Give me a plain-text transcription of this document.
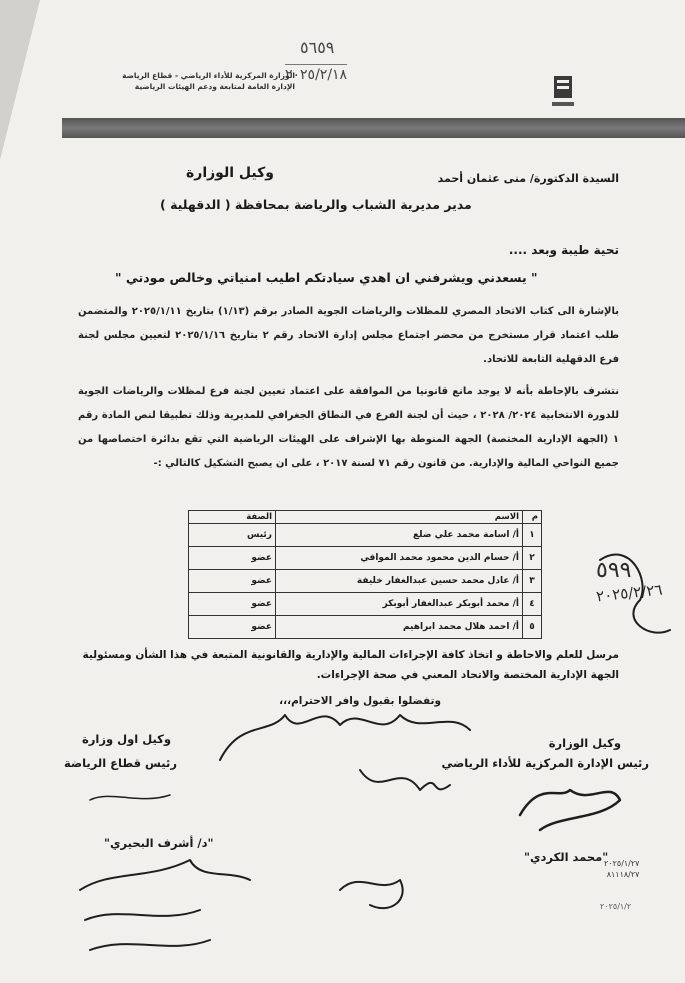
٥٦٥٩
٢٠٢٥/٢/١٨
الوزارة المركزية للأداء الرياضي - قطاع الرياضة
الإدارة العامة لمتابعة ودعم الهيئات الرياضية
السيدة الدكتورة/ منى عثمان أحمد
وكيل الوزارة
مدير مديرية الشباب والرياضة بمحافظة ( الدقهلية )
تحية طيبة وبعد ....
" يسعدني ويشرفني ان اهدي سيادتكم اطيب امنياتي وخالص مودتي "
بالإشارة الى كتاب الاتحاد المصري للمظلات والرياضات الجوية الصادر برقم (١/١٣) بتاريخ ٢٠٢٥/١/١١ والمتضمن طلب اعتماد قرار مستخرج من محضر اجتماع مجلس إدارة الاتحاد رقم ٢ بتاريخ ٢٠٢٥/١/١٦ لتعيين مجلس لجنة فرع الدقهلية التابعة للاتحاد.
نتشرف بالإحاطة بأنه لا يوجد مانع قانونيا من الموافقة على اعتماد تعيين لجنة فرع لمظلات والرياضات الجوية للدورة الانتخابية ٢٠٢٤/ ٢٠٢٨ ، حيث أن لجنة الفرع في النطاق الجغرافي للمديرية وذلك تطبيقا لنص المادة رقم ١ (الجهة الإدارية المختصة) الجهة المنوطة بها الإشراف على الهيئات الرياضية التي تقع بدائرة اختصاصها من جميع النواحي المالية والإدارية. من قانون رقم ٧١ لسنة ٢٠١٧ ، على ان يصبح التشكيل كالتالي :-
م	الاسم	الصفة
١	أ/ اسامة محمد علي ضلع	رئيس
٢	أ/ حسام الدين محمود محمد الموافي	عضو
٣	أ/ عادل محمد حسين عبدالغفار خليفة	عضو
٤	أ/ محمد أبوبكر عبدالغفار أبوبكر	عضو
٥	أ/ احمد هلال محمد ابراهيم	عضو
مرسل للعلم والاحاطة و اتخاذ كافة الإجراءات المالية والإدارية والقانونية المتبعة في هذا الشأن ومسئولية الجهة الإدارية المختصة والاتحاد المعني في صحة الإجراءات.
وتفضلوا بقبول وافر الاحترام،،،
وكيل الوزارة
رئيس الإدارة المركزية للأداء الرياضي
وكيل اول وزارة
رئيس قطاع الرياضة
"محمد الكردي"
"د/ أشرف البحيري"
٢٠٢٥/١/٢٧
٨١١١٨/٢٧
٢٠٢٥/١/٢
٥٩٩
٢٠٢٥/٢/٢٦
